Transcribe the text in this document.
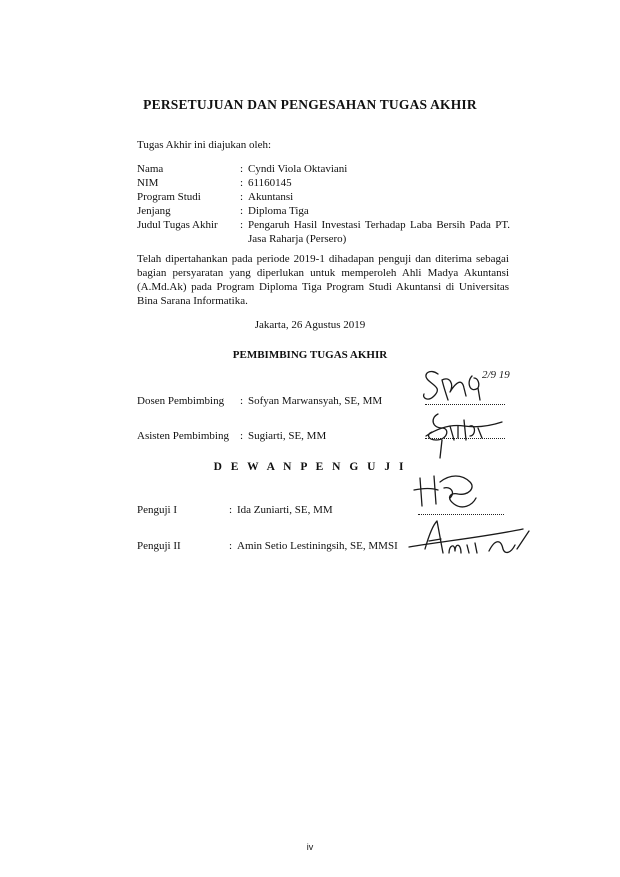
PERSETUJUAN DAN PENGESAHAN TUGAS AKHIR
Tugas Akhir ini diajukan oleh:
Nama	: Cyndi Viola Oktaviani
NIM	: 61160145
Program Studi	: Akuntansi
Jenjang	: Diploma Tiga
Judul Tugas Akhir : Pengaruh Hasil Investasi Terhadap Laba Bersih Pada PT.
Jasa Raharja (Persero)
Telah dipertahankan pada periode 2019-1 dihadapan penguji dan diterima sebagai bagian persyaratan yang diperlukan untuk memperoleh Ahli Madya Akuntansi (A.Md.Ak) pada Program Diploma Tiga Program Studi Akuntansi di Universitas Bina Sarana Informatika.
Jakarta, 26 Agustus 2019
PEMBIMBING TUGAS AKHIR
Dosen Pembimbing : Sofyan Marwansyah, SE, MM
Asisten Pembimbing : Sugiarti, SE, MM
D E W A N P E N G U J I
Penguji I	: Ida Zuniarti, SE, MM
Penguji II	: Amin Setio Lestiningsih, SE, MMSI
2/9 19
iv
